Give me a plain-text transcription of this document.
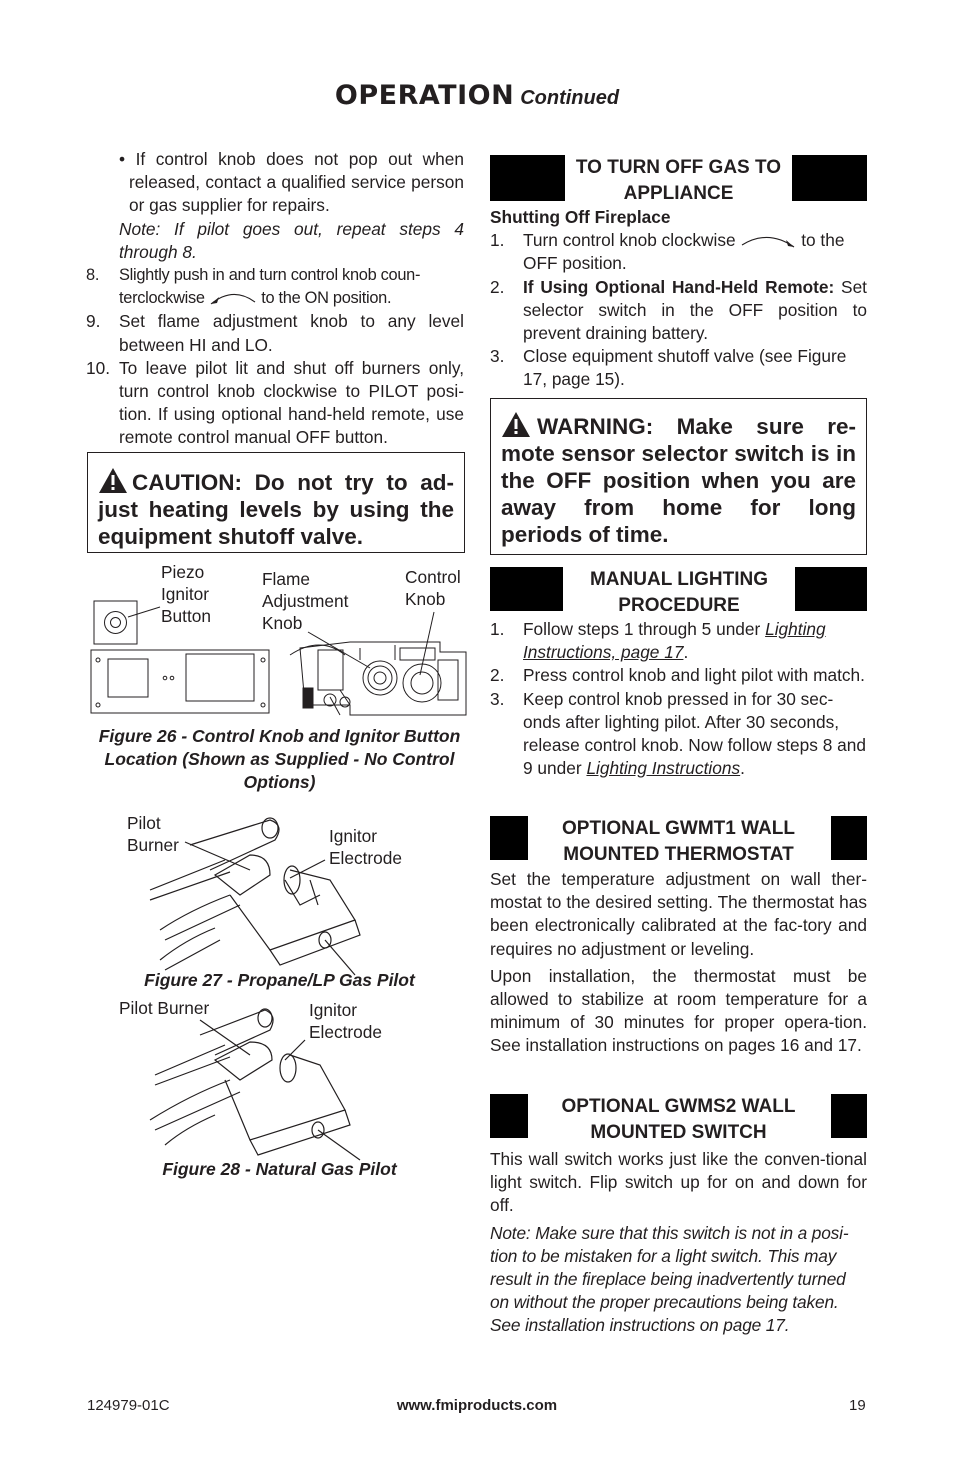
OPERATION Continued
• If control knob does not pop out when released, contact a qualified service person or gas supplier for repairs.
Note: If pilot goes out, repeat steps 4 through 8.
8. Slightly push in and turn control knob coun-terclockwise	to the ON position.
9. Set flame adjustment knob to any level between HI and LO.
10. To leave pilot lit and shut off burners only, turn control knob clockwise to PILOT posi-tion. If using optional hand-held remote, use remote control manual OFF button.
CAUTION: Do not try to ad-just heating levels by using the equipment shutoff valve.
Piezo Ignitor Button
Flame Adjustment Knob
Control Knob
Figure 26 - Control Knob and Ignitor Button Location (Shown as Supplied - No Control Options)
Pilot Burner	Ignitor Electrode
Figure 27 - Propane/LP Gas Pilot
Pilot Burner	Ignitor Electrode
Figure 28 - Natural Gas Pilot
TO TURN OFF GAS TO APPLIANCE
Shutting Off Fireplace
1. Turn control knob clockwise	to the OFF position.
2. If Using Optional Hand-Held Remote: Set selector switch in the OFF position to prevent draining battery.
3. Close equipment shutoff valve (see Figure 17, page 15).
WARNING: Make sure re-mote sensor selector switch is in the OFF position when you are away from home for long periods of time.
MANUAL LIGHTING PROCEDURE
1. Follow steps 1 through 5 under Lighting Instructions, page 17.
2. Press control knob and light pilot with match.
3. Keep control knob pressed in for 30 sec-onds after lighting pilot. After 30 seconds, release control knob. Now follow steps 8 and 9 under Lighting Instructions.
OPTIONAL GWMT1 WALL MOUNTED THERMOSTAT
Set the temperature adjustment on wall ther-mostat to the desired setting. The thermostat has been electronically calibrated at the fac-tory and requires no adjustment or leveling.
Upon installation, the thermostat must be allowed to stabilize at room temperature for a minimum of 30 minutes for proper opera-tion. See installation instructions on pages 16 and 17.
OPTIONAL GWMS2 WALL MOUNTED SWITCH
This wall switch works just like the conven-tional light switch. Flip switch up for on and down for off.
Note: Make sure that this switch is not in a posi-tion to be mistaken for a light switch. This may result in the fireplace being inadvertently turned on without the proper precautions being taken. See installation instructions on page 17.
124979-01C	www.fmiproducts.com	19
